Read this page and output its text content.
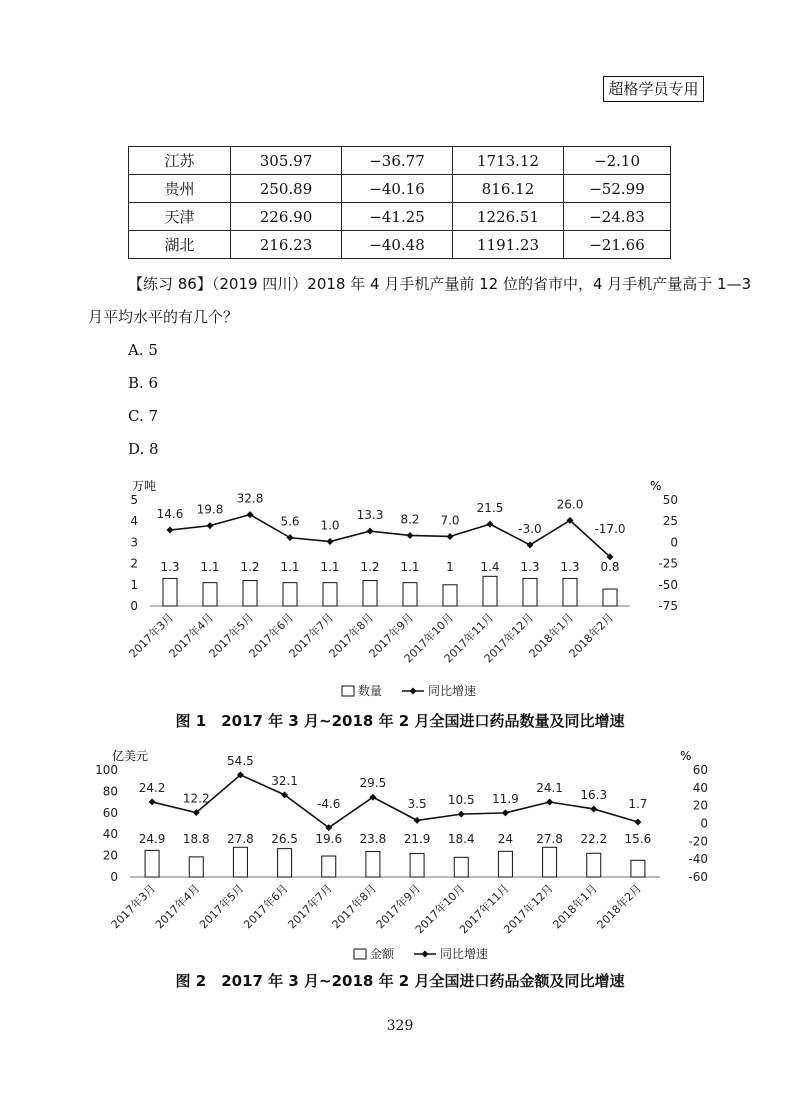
超格学员专用
江苏	305.97	−36.77	1713.12	−2.10
贵州	250.89	−40.16	816.12	−52.99
天津	226.90	−41.25	1226.51	−24.83
湖北	216.23	−40.48	1191.23	−21.66
【练习 86】（2019 四川）2018 年 4 月手机产量前 12 位的省市中，4 月手机产量高于 1—3
月平均水平的有几个？
A. 5
B. 6
C. 7
D. 8
万吨	%
0
1
2
3
4
5	50
25
0
-25
-50
-75
1.3 1.1 1.2 1.1 1.1 1.2 1.1 1 1.4 1.3 1.3 0.8
14.6 19.8
32.8
5.6 1.0
13.3 8.2 7.0
21.5
-3.0
26.0
-17.0
2017年3月
2017年4月
2017年5月
2017年6月
2017年7月
2017年8月
2017年9月
2017年10月
2017年11月
2017年12月
2018年1月
2018年2月
数量	同比增速
图 1　2017 年 3 月~2018 年 2 月全国进口药品数量及同比增速
亿美元	%
0
20
40
60
80
100	60
40
20
0
-20
-40
-60
24.9 18.8 27.8 26.5 19.6 23.8 21.9 18.4 24 27.8 22.2 15.6
24.2
12.2
54.5
32.1
-4.6
29.5
3.5 10.5 11.9
24.1 16.3
1.7
2017年3月
2017年4月
2017年5月
2017年6月
2017年7月
2017年8月
2017年9月
2017年10月
2017年11月
2017年12月
2018年1月
2018年2月
金额	同比增速
图 2　2017 年 3 月~2018 年 2 月全国进口药品金额及同比增速
329
